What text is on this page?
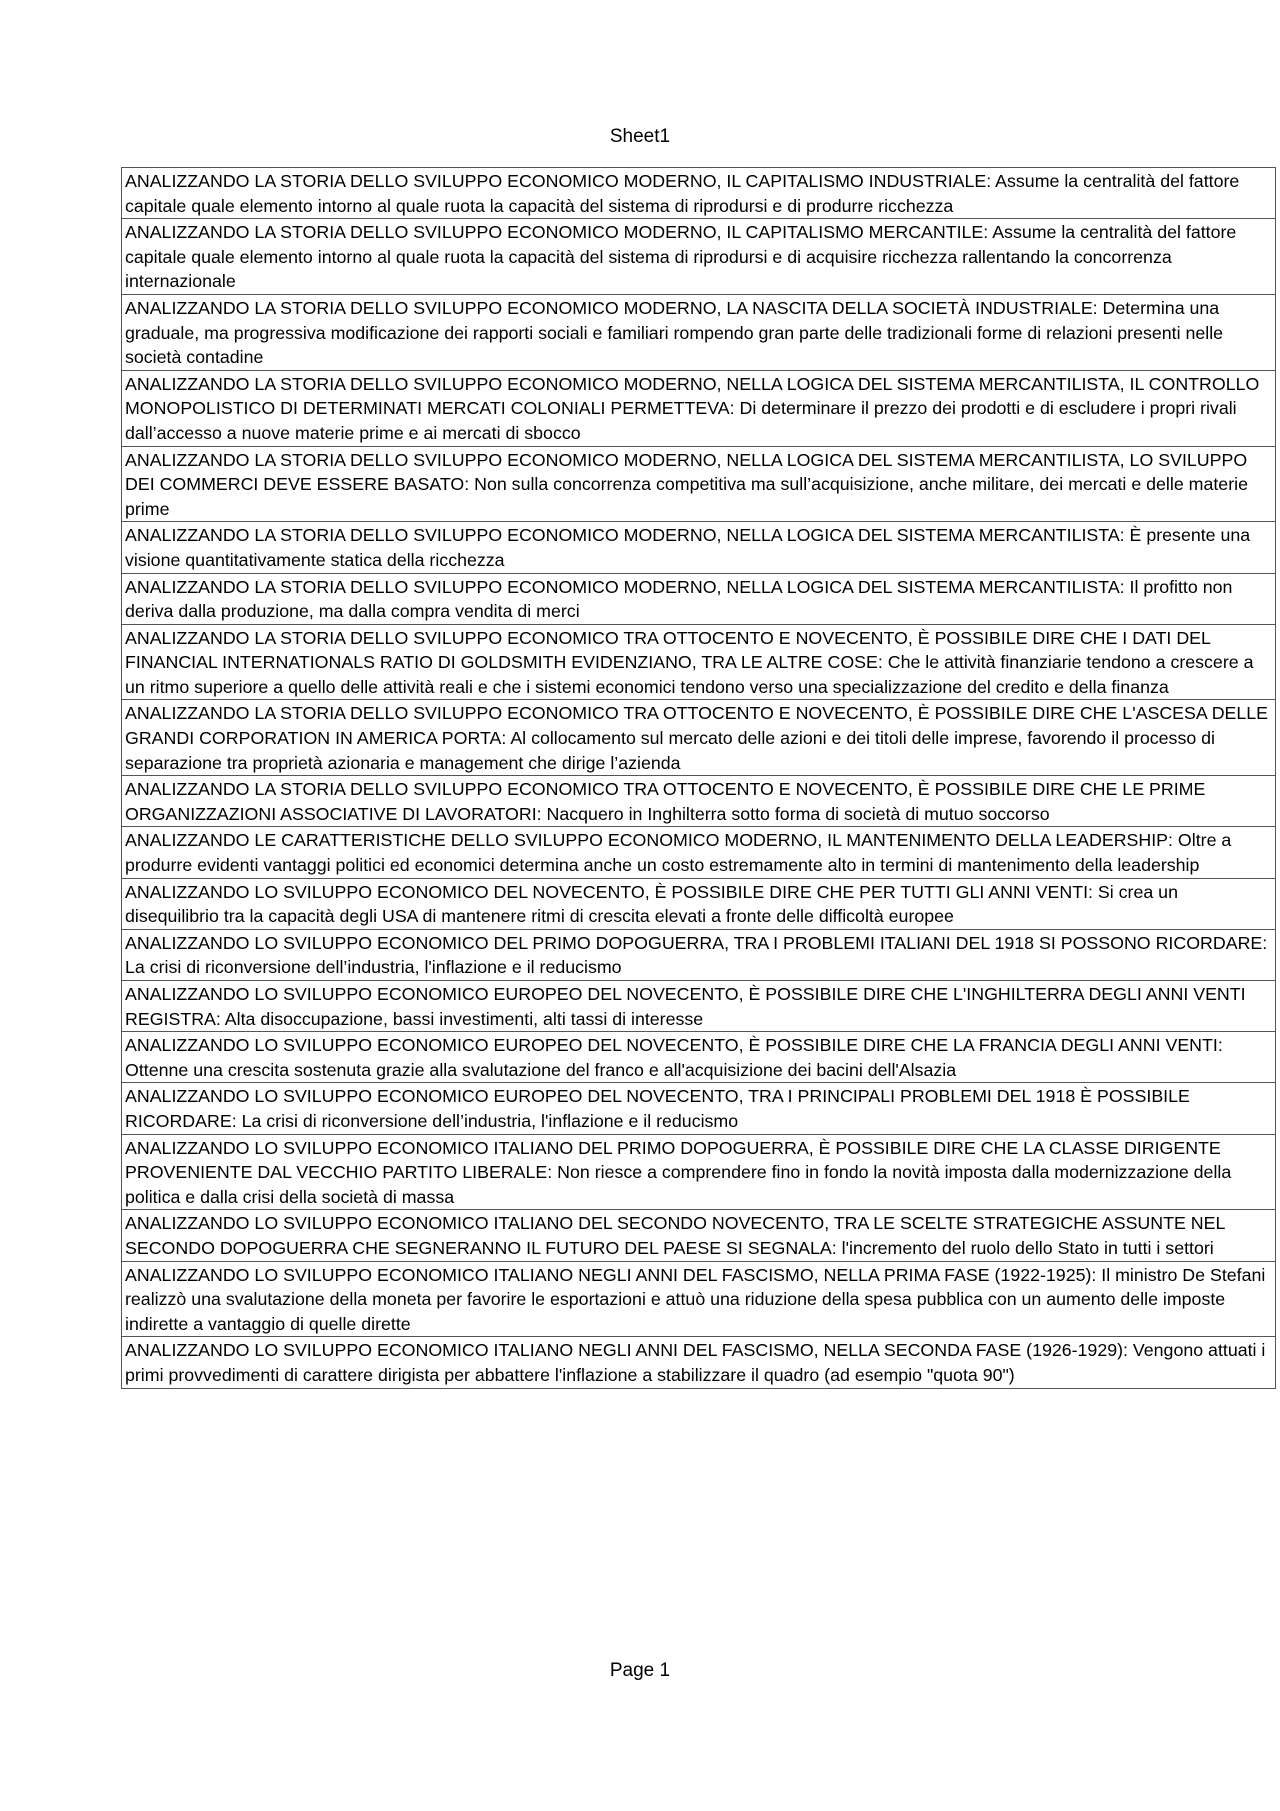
Sheet1
ANALIZZANDO LA STORIA DELLO SVILUPPO ECONOMICO MODERNO, IL CAPITALISMO INDUSTRIALE: Assume la centralità del fattore capitale quale elemento intorno al quale ruota la capacità del sistema di riprodursi e di produrre ricchezza
ANALIZZANDO LA STORIA DELLO SVILUPPO ECONOMICO MODERNO, IL CAPITALISMO MERCANTILE: Assume la centralità del fattore capitale quale elemento intorno al quale ruota la capacità del sistema di riprodursi e di acquisire ricchezza rallentando la concorrenza internazionale
ANALIZZANDO LA STORIA DELLO SVILUPPO ECONOMICO MODERNO, LA NASCITA DELLA SOCIETÀ INDUSTRIALE: Determina una graduale, ma progressiva modificazione dei rapporti sociali e familiari rompendo gran parte delle tradizionali forme di relazioni presenti nelle società contadine
ANALIZZANDO LA STORIA DELLO SVILUPPO ECONOMICO MODERNO, NELLA LOGICA DEL SISTEMA MERCANTILISTA, IL CONTROLLO MONOPOLISTICO DI DETERMINATI MERCATI COLONIALI PERMETTEVA: Di determinare il prezzo dei prodotti e di escludere i propri rivali dall’accesso a nuove materie prime e ai mercati di sbocco
ANALIZZANDO LA STORIA DELLO SVILUPPO ECONOMICO MODERNO, NELLA LOGICA DEL SISTEMA MERCANTILISTA, LO SVILUPPO DEI COMMERCI DEVE ESSERE BASATO: Non sulla concorrenza competitiva ma sull’acquisizione, anche militare, dei mercati e delle materie prime
ANALIZZANDO LA STORIA DELLO SVILUPPO ECONOMICO MODERNO, NELLA LOGICA DEL SISTEMA MERCANTILISTA: È presente una visione quantitativamente statica della ricchezza
ANALIZZANDO LA STORIA DELLO SVILUPPO ECONOMICO MODERNO, NELLA LOGICA DEL SISTEMA MERCANTILISTA: Il profitto non deriva dalla produzione, ma dalla compra vendita di merci
ANALIZZANDO LA STORIA DELLO SVILUPPO ECONOMICO TRA OTTOCENTO E NOVECENTO, È POSSIBILE DIRE CHE I DATI DEL FINANCIAL INTERNATIONALS RATIO DI GOLDSMITH EVIDENZIANO, TRA LE ALTRE COSE: Che le attività finanziarie tendono a crescere a un ritmo superiore a quello delle attività reali e che i sistemi economici tendono verso una specializzazione del credito e della finanza
ANALIZZANDO LA STORIA DELLO SVILUPPO ECONOMICO TRA OTTOCENTO E NOVECENTO, È POSSIBILE DIRE CHE L'ASCESA DELLE GRANDI CORPORATION IN AMERICA PORTA: Al collocamento sul mercato delle azioni e dei titoli delle imprese, favorendo il processo di separazione tra proprietà azionaria e management che dirige l’azienda
ANALIZZANDO LA STORIA DELLO SVILUPPO ECONOMICO TRA OTTOCENTO E NOVECENTO, È POSSIBILE DIRE CHE LE PRIME ORGANIZZAZIONI ASSOCIATIVE DI LAVORATORI: Nacquero in Inghilterra sotto forma di società di mutuo soccorso
ANALIZZANDO LE CARATTERISTICHE DELLO SVILUPPO ECONOMICO MODERNO, IL MANTENIMENTO DELLA LEADERSHIP: Oltre a produrre evidenti vantaggi politici ed economici determina anche un costo estremamente alto in termini di mantenimento della leadership
ANALIZZANDO LO SVILUPPO ECONOMICO DEL NOVECENTO, È POSSIBILE DIRE CHE PER TUTTI GLI ANNI VENTI: Si crea un disequilibrio tra la capacità degli USA di mantenere ritmi di crescita elevati a fronte delle difficoltà europee
ANALIZZANDO LO SVILUPPO ECONOMICO DEL PRIMO DOPOGUERRA, TRA I PROBLEMI ITALIANI DEL 1918 SI POSSONO RICORDARE: La crisi di riconversione dell’industria, l'inflazione e il reducismo
ANALIZZANDO LO SVILUPPO ECONOMICO EUROPEO DEL NOVECENTO, È POSSIBILE DIRE CHE L'INGHILTERRA DEGLI ANNI VENTI REGISTRA: Alta disoccupazione, bassi investimenti, alti tassi di interesse
ANALIZZANDO LO SVILUPPO ECONOMICO EUROPEO DEL NOVECENTO, È POSSIBILE DIRE CHE LA FRANCIA DEGLI ANNI VENTI: Ottenne una crescita sostenuta grazie alla svalutazione del franco e all'acquisizione dei bacini dell'Alsazia
ANALIZZANDO LO SVILUPPO ECONOMICO EUROPEO DEL NOVECENTO, TRA I PRINCIPALI PROBLEMI DEL 1918 È POSSIBILE RICORDARE: La crisi di riconversione dell’industria, l'inflazione e il reducismo
ANALIZZANDO LO SVILUPPO ECONOMICO ITALIANO DEL PRIMO DOPOGUERRA, È POSSIBILE DIRE CHE LA CLASSE DIRIGENTE PROVENIENTE DAL VECCHIO PARTITO LIBERALE: Non riesce a comprendere fino in fondo la novità imposta dalla modernizzazione della politica e dalla crisi della società di massa
ANALIZZANDO LO SVILUPPO ECONOMICO ITALIANO DEL SECONDO NOVECENTO, TRA LE SCELTE STRATEGICHE ASSUNTE NEL SECONDO DOPOGUERRA CHE SEGNERANNO IL FUTURO DEL PAESE SI SEGNALA: l'incremento del ruolo dello Stato in tutti i settori
ANALIZZANDO LO SVILUPPO ECONOMICO ITALIANO NEGLI ANNI DEL FASCISMO, NELLA PRIMA FASE (1922-1925): Il ministro De Stefani realizzò una svalutazione della moneta per favorire le esportazioni e attuò una riduzione della spesa pubblica con un aumento delle imposte indirette a vantaggio di quelle dirette
ANALIZZANDO LO SVILUPPO ECONOMICO ITALIANO NEGLI ANNI DEL FASCISMO, NELLA SECONDA FASE (1926-1929): Vengono attuati i primi provvedimenti di carattere dirigista per abbattere l'inflazione a stabilizzare il quadro (ad esempio "quota 90")
Page 1
